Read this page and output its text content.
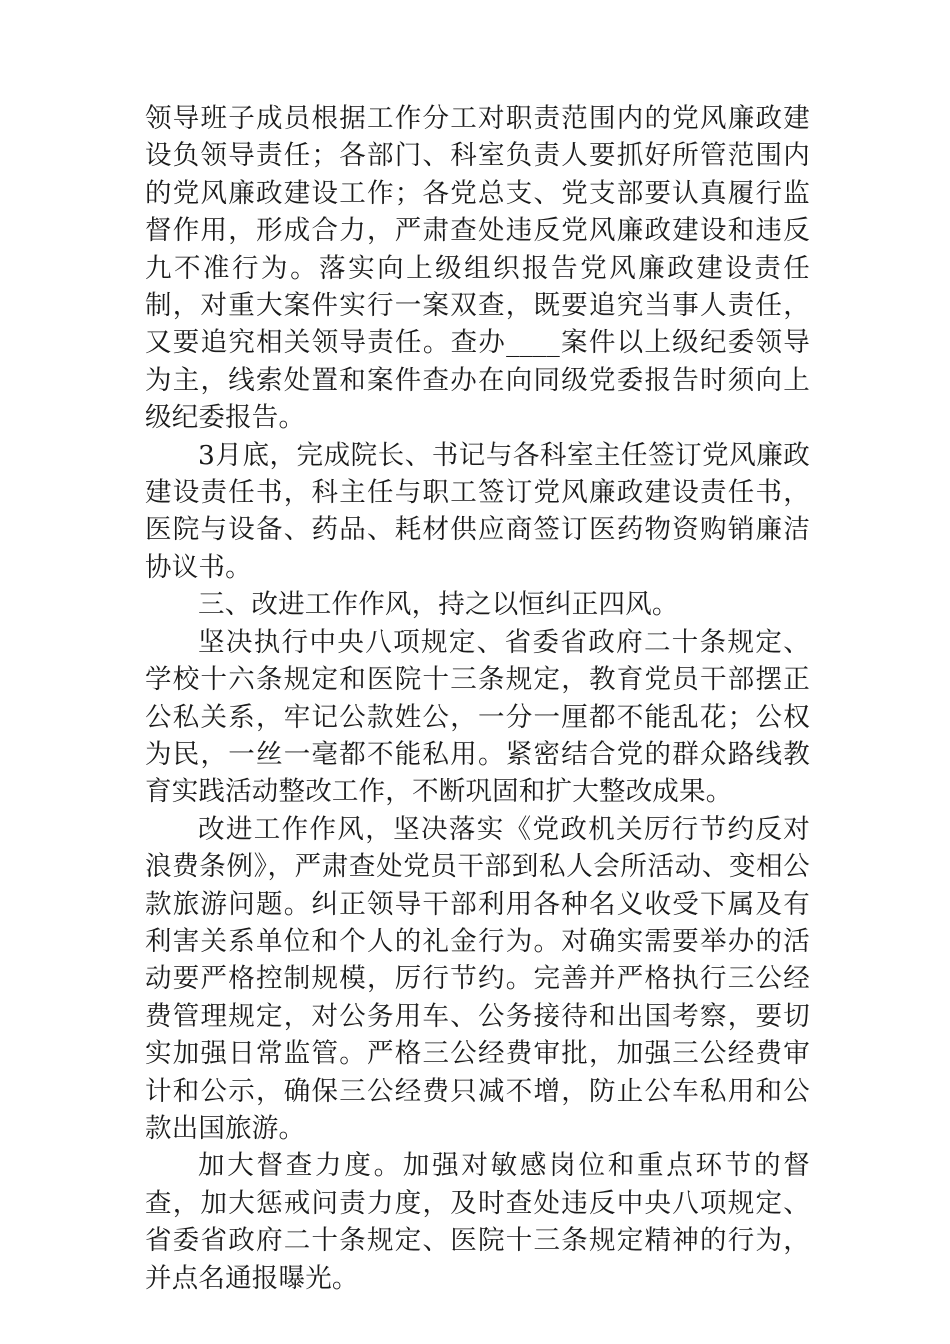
领导班子成员根据工作分工对职责范围内的党风廉政建设负领导责任；各部门、科室负责人要抓好所管范围内的党风廉政建设工作；各党总支、党支部要认真履行监督作用，形成合力，严肃查处违反党风廉政建设和违反九不准行为。落实向上级组织报告党风廉政建设责任制，对重大案件实行一案双查，既要追究当事人责任，又要追究相关领导责任。查办____案件以上级纪委领导为主，线索处置和案件查办在向同级党委报告时须向上级纪委报告。

3月底，完成院长、书记与各科室主任签订党风廉政建设责任书，科主任与职工签订党风廉政建设责任书，医院与设备、药品、耗材供应商签订医药物资购销廉洁协议书。

三、改进工作作风，持之以恒纠正四风。

坚决执行中央八项规定、省委省政府二十条规定、学校十六条规定和医院十三条规定，教育党员干部摆正公私关系，牢记公款姓公，一分一厘都不能乱花；公权为民，一丝一毫都不能私用。紧密结合党的群众路线教育实践活动整改工作，不断巩固和扩大整改成果。

改进工作作风，坚决落实《党政机关厉行节约反对浪费条例》，严肃查处党员干部到私人会所活动、变相公款旅游问题。纠正领导干部利用各种名义收受下属及有利害关系单位和个人的礼金行为。对确实需要举办的活动要严格控制规模，厉行节约。完善并严格执行三公经费管理规定，对公务用车、公务接待和出国考察，要切实加强日常监管。严格三公经费审批，加强三公经费审计和公示，确保三公经费只减不增，防止公车私用和公款出国旅游。

加大督查力度。加强对敏感岗位和重点环节的督查，加大惩戒问责力度，及时查处违反中央八项规定、省委省政府二十条规定、医院十三条规定精神的行为，并点名通报曝光。
